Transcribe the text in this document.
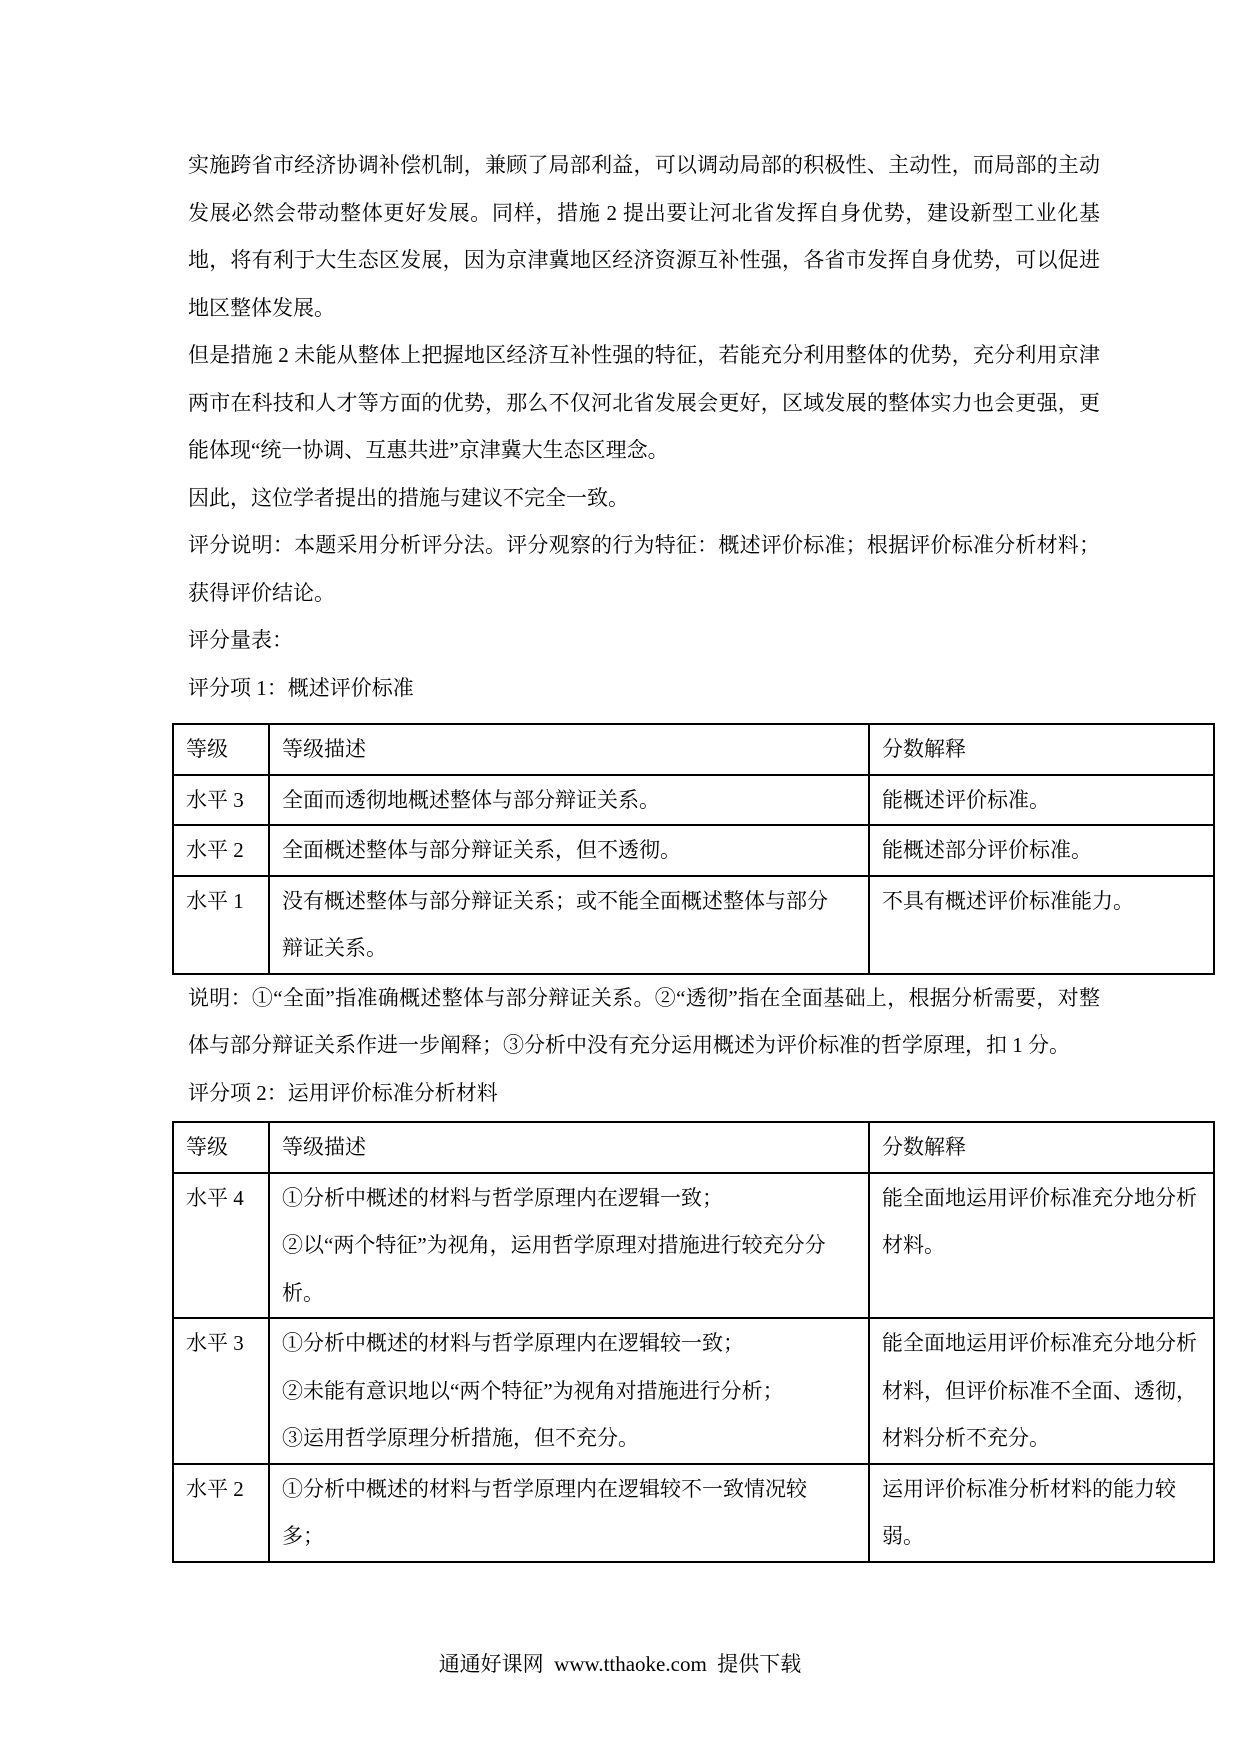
实施跨省市经济协调补偿机制，兼顾了局部利益，可以调动局部的积极性、主动性，而局部的主动发展必然会带动整体更好发展。同样，措施 2 提出要让河北省发挥自身优势，建设新型工业化基地，将有利于大生态区发展，因为京津冀地区经济资源互补性强，各省市发挥自身优势，可以促进地区整体发展。

但是措施 2 未能从整体上把握地区经济互补性强的特征，若能充分利用整体的优势，充分利用京津两市在科技和人才等方面的优势，那么不仅河北省发展会更好，区域发展的整体实力也会更强，更能体现“统一协调、互惠共进”京津冀大生态区理念。

因此，这位学者提出的措施与建议不完全一致。

评分说明：本题采用分析评分法。评分观察的行为特征：概述评价标准；根据评价标准分析材料；获得评价结论。

评分量表：

评分项 1：概述评价标准

等级	等级描述	分数解释
水平 3	全面而透彻地概述整体与部分辩证关系。	能概述评价标准。
水平 2	全面概述整体与部分辩证关系，但不透彻。	能概述部分评价标准。
水平 1	没有概述整体与部分辩证关系；或不能全面概述整体与部分辩证关系。	不具有概述评价标准能力。

说明：①“全面”指准确概述整体与部分辩证关系。②“透彻”指在全面基础上，根据分析需要，对整体与部分辩证关系作进一步阐释；③分析中没有充分运用概述为评价标准的哲学原理，扣 1 分。

评分项 2：运用评价标准分析材料

等级	等级描述	分数解释
水平 4	①分析中概述的材料与哲学原理内在逻辑一致；
②以“两个特征”为视角，运用哲学原理对措施进行较充分分析。	能全面地运用评价标准充分地分析材料。
水平 3	①分析中概述的材料与哲学原理内在逻辑较一致；
②未能有意识地以“两个特征”为视角对措施进行分析；
③运用哲学原理分析措施，但不充分。	能全面地运用评价标准充分地分析材料，但评价标准不全面、透彻，材料分析不充分。
水平 2	①分析中概述的材料与哲学原理内在逻辑较不一致情况较多；	运用评价标准分析材料的能力较弱。
通通好课网  www.tthaoke.com  提供下载
